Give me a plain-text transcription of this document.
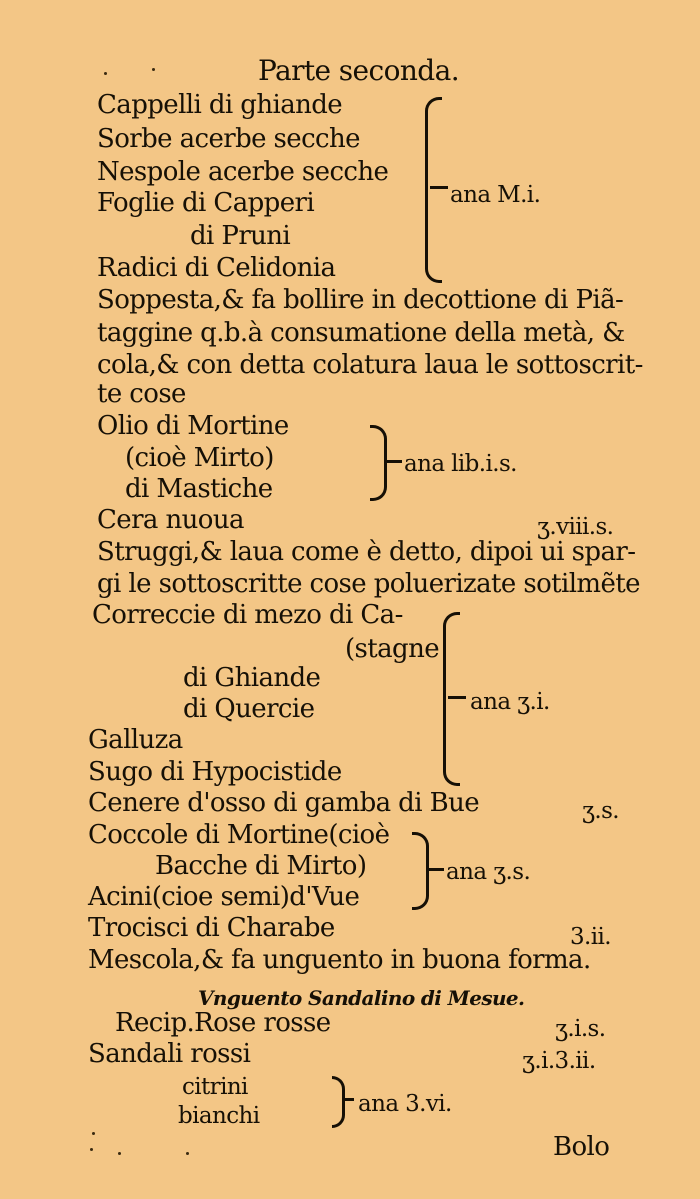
Parte seconda.
Cappelli di ghiande
Sorbe acerbe secche
Nespole acerbe secche
Foglie di Capperi
di Pruni
Radici di Celidonia
ana M.i.
Soppesta,& fa bollire in decottione di Piã-
taggine q.b.à consumatione della metà, &
cola,& con detta colatura laua le sottoscrit-
te cose
Olio di Mortine
(cioè Mirto)
di Mastiche
ana lib.i.s.
Cera nuoua	ʒ.viii.s.
Struggi,& laua come è detto, dipoi ui spar-
gi le sottoscritte cose poluerizate sotilmẽte
Correccie di mezo di Ca-
(stagne
di Ghiande
di Quercie
Galluza
Sugo di Hypocistide
ana ʒ.i.
Cenere d'osso di gamba di Bue	ʒ.s.
Coccole di Mortine(cioè
Bacche di Mirto)
Acini(cioe semi)d'Vue
ana ʒ.s.
Trocisci di Charabe	3.ii.
Mescola,& fa unguento in buona forma.
Vnguento Sandalino di Mesue.
Recip.Rose rosse	ʒ.i.s.
Sandali rossi	ʒ.i.3.ii.
citrini
bianchi	ana 3.vi.
Bolo
